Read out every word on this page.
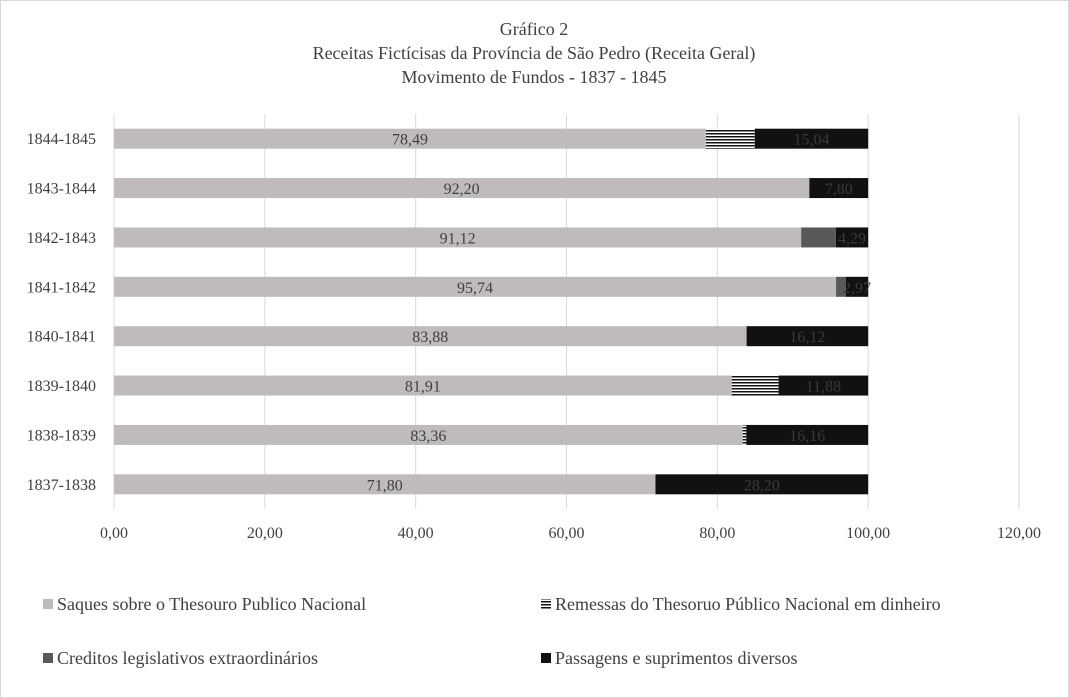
Gráfico 2
Receitas Fictícisas da Província de São Pedro (Receita Geral)
Movimento de Fundos - 1837 - 1845
0,00	20,00	40,00	60,00	80,00	100,00	120,00
1844-1845
1843-1844
1842-1843
1841-1842
1840-1841
1839-1840
1838-1839
1837-1838
78,49	15,04
92,20	7,80
91,12	4,29
95,74	2,97
83,88	16,12
81,91	11,88
83,36	16,16
71,80	28,20
Saques sobre o Thesouro Publico Nacional	Remessas do Thesoruo Público Nacional em dinheiro
Creditos legislativos extraordinários	Passagens e suprimentos diversos
